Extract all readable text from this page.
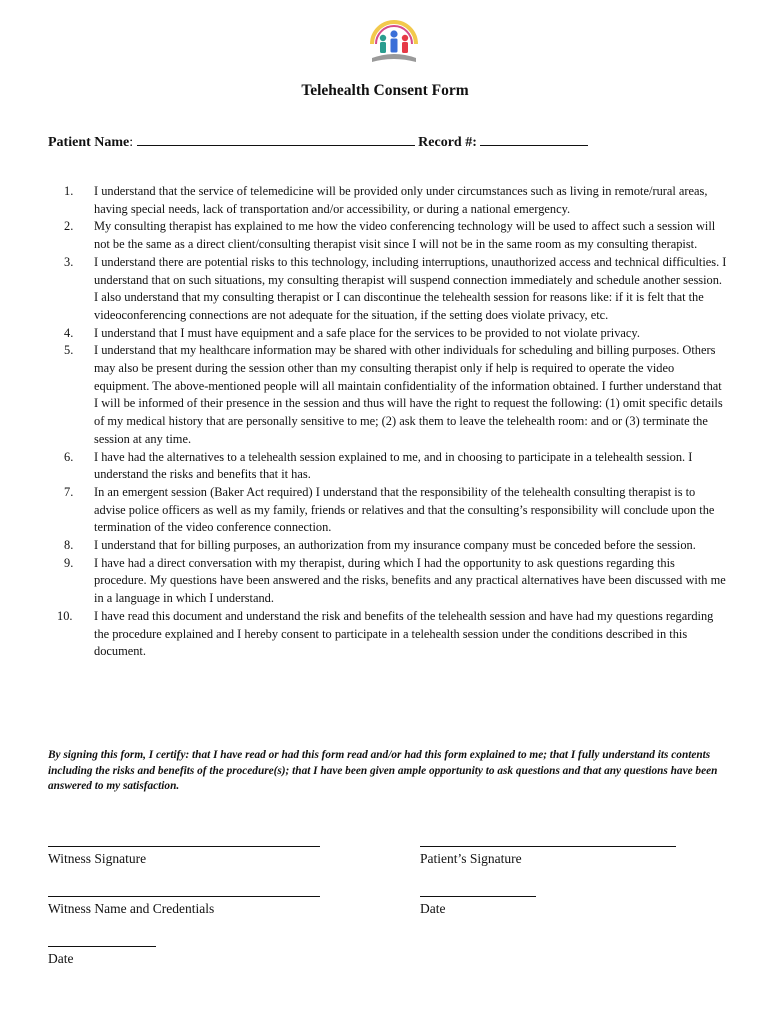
Telehealth Consent Form
Patient Name:	Record #:
1. I understand that the service of telemedicine will be provided only under circumstances such as living in remote/rural areas, having special needs, lack of transportation and/or accessibility, or during a national emergency.
2. My consulting therapist has explained to me how the video conferencing technology will be used to affect such a session will not be the same as a direct client/consulting therapist visit since I will not be in the same room as my consulting therapist.
3. I understand there are potential risks to this technology, including interruptions, unauthorized access and technical difficulties. I understand that on such situations, my consulting therapist will suspend connection immediately and schedule another session. I also understand that my consulting therapist or I can discontinue the telehealth session for reasons like: if it is felt that the videoconferencing connections are not adequate for the situation, if the setting does violate privacy, etc.
4. I understand that I must have equipment and a safe place for the services to be provided to not violate privacy.
5. I understand that my healthcare information may be shared with other individuals for scheduling and billing purposes. Others may also be present during the session other than my consulting therapist only if help is required to operate the video equipment. The above-mentioned people will all maintain confidentiality of the information obtained. I further understand that I will be informed of their presence in the session and thus will have the right to request the following: (1) omit specific details of my medical history that are personally sensitive to me; (2) ask them to leave the telehealth room: and or (3) terminate the session at any time.
6. I have had the alternatives to a telehealth session explained to me, and in choosing to participate in a telehealth session. I understand the risks and benefits that it has.
7. In an emergent session (Baker Act required) I understand that the responsibility of the telehealth consulting therapist is to advise police officers as well as my family, friends or relatives and that the consulting’s responsibility will conclude upon the termination of the video conference connection.
8. I understand that for billing purposes, an authorization from my insurance company must be conceded before the session.
9. I have had a direct conversation with my therapist, during which I had the opportunity to ask questions regarding this procedure. My questions have been answered and the risks, benefits and any practical alternatives have been discussed with me in a language in which I understand.
10. I have read this document and understand the risk and benefits of the telehealth session and have had my questions regarding the procedure explained and I hereby consent to participate in a telehealth session under the conditions described in this document.
By signing this form, I certify: that I have read or had this form read and/or had this form explained to me; that I fully understand its contents including the risks and benefits of the procedure(s); that I have been given ample opportunity to ask questions and that any questions have been answered to my satisfaction.
Witness Signature	Patient’s Signature
Witness Name and Credentials	Date
Date
